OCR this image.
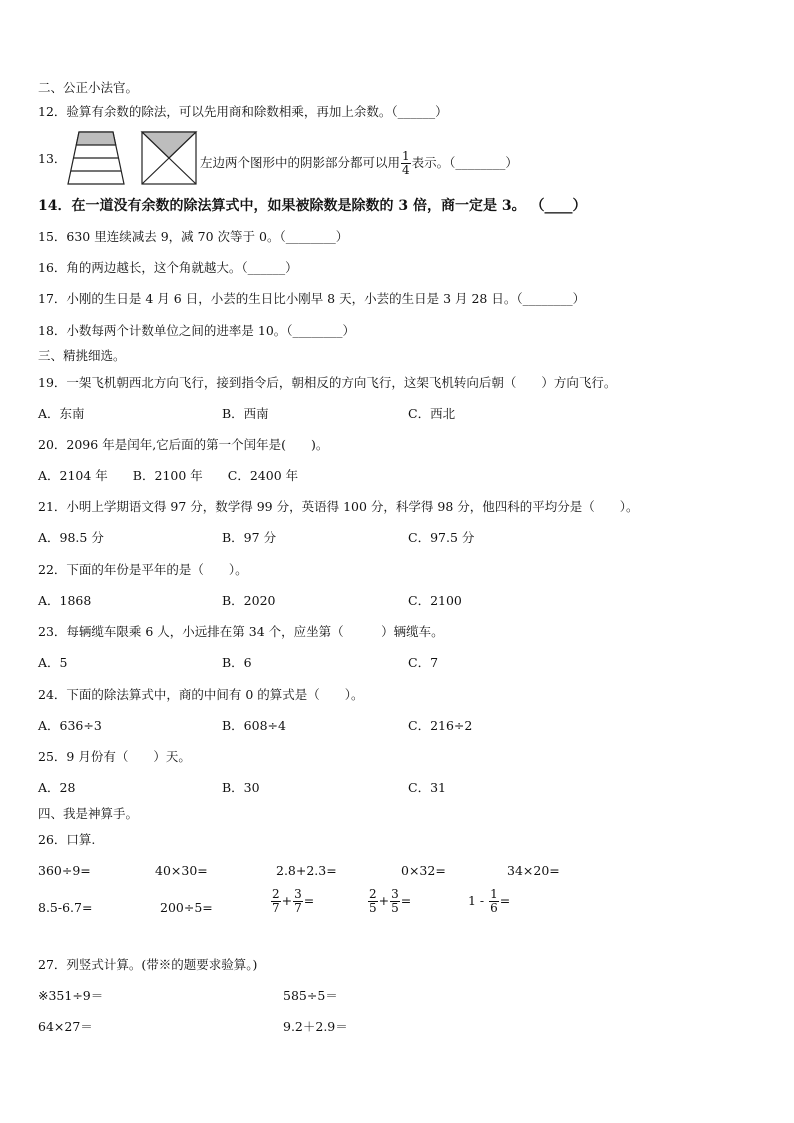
二、公正小法官。
12．验算有余数的除法，可以先用商和除数相乘，再加上余数。（______）
13．	左边两个图形中的阴影部分都可以用 $\frac{1}{4}$ 表示。（________）
14．在一道没有余数的除法算式中，如果被除数是除数的 3 倍，商一定是 3。 （____）
15．630 里连续减去 9，减 70 次等于 0。（________）
16．角的两边越长，这个角就越大。（______）
17．小刚的生日是 4 月 6 日，小芸的生日比小刚早 8 天，小芸的生日是 3 月 28 日。（________）
18．小数每两个计数单位之间的进率是 10。（________）
三、精挑细选。
19．一架飞机朝西北方向飞行，接到指令后，朝相反的方向飞行，这架飞机转向后朝（　　）方向飞行。
A．东南	B．西南	C．西北
20．2096 年是闰年,它后面的第一个闰年是(　　)。
A．2104 年　　B．2100 年　　C．2400 年
21．小明上学期语文得 97 分，数学得 99 分，英语得 100 分，科学得 98 分，他四科的平均分是（　　）。
A．98.5 分	B．97 分	C．97.5 分
22．下面的年份是平年的是（　　）。
A．1868	B．2020	C．2100
23．每辆缆车限乘 6 人，小远排在第 34 个，应坐第（　　　）辆缆车。
A．5	B．6	C．7
24．下面的除法算式中，商的中间有 0 的算式是（　　）。
A．636÷3	B．608÷4	C．216÷2
25．9 月份有（　　）天。
A．28	B．30	C．31
四、我是神算手。
26．口算.
360÷9=	40×30=	2.8+2.3=	0×32=	34×20=
8.5-6.7=	200÷5=	$\frac{2}{7} + \frac{3}{7}$ =	$\frac{2}{5} + \frac{3}{5}$ =	$1 - \frac{1}{6}$ =
27．列竖式计算。(带※的题要求验算。)
※351÷9＝	585÷5＝
64×27＝	9.2＋2.9＝
